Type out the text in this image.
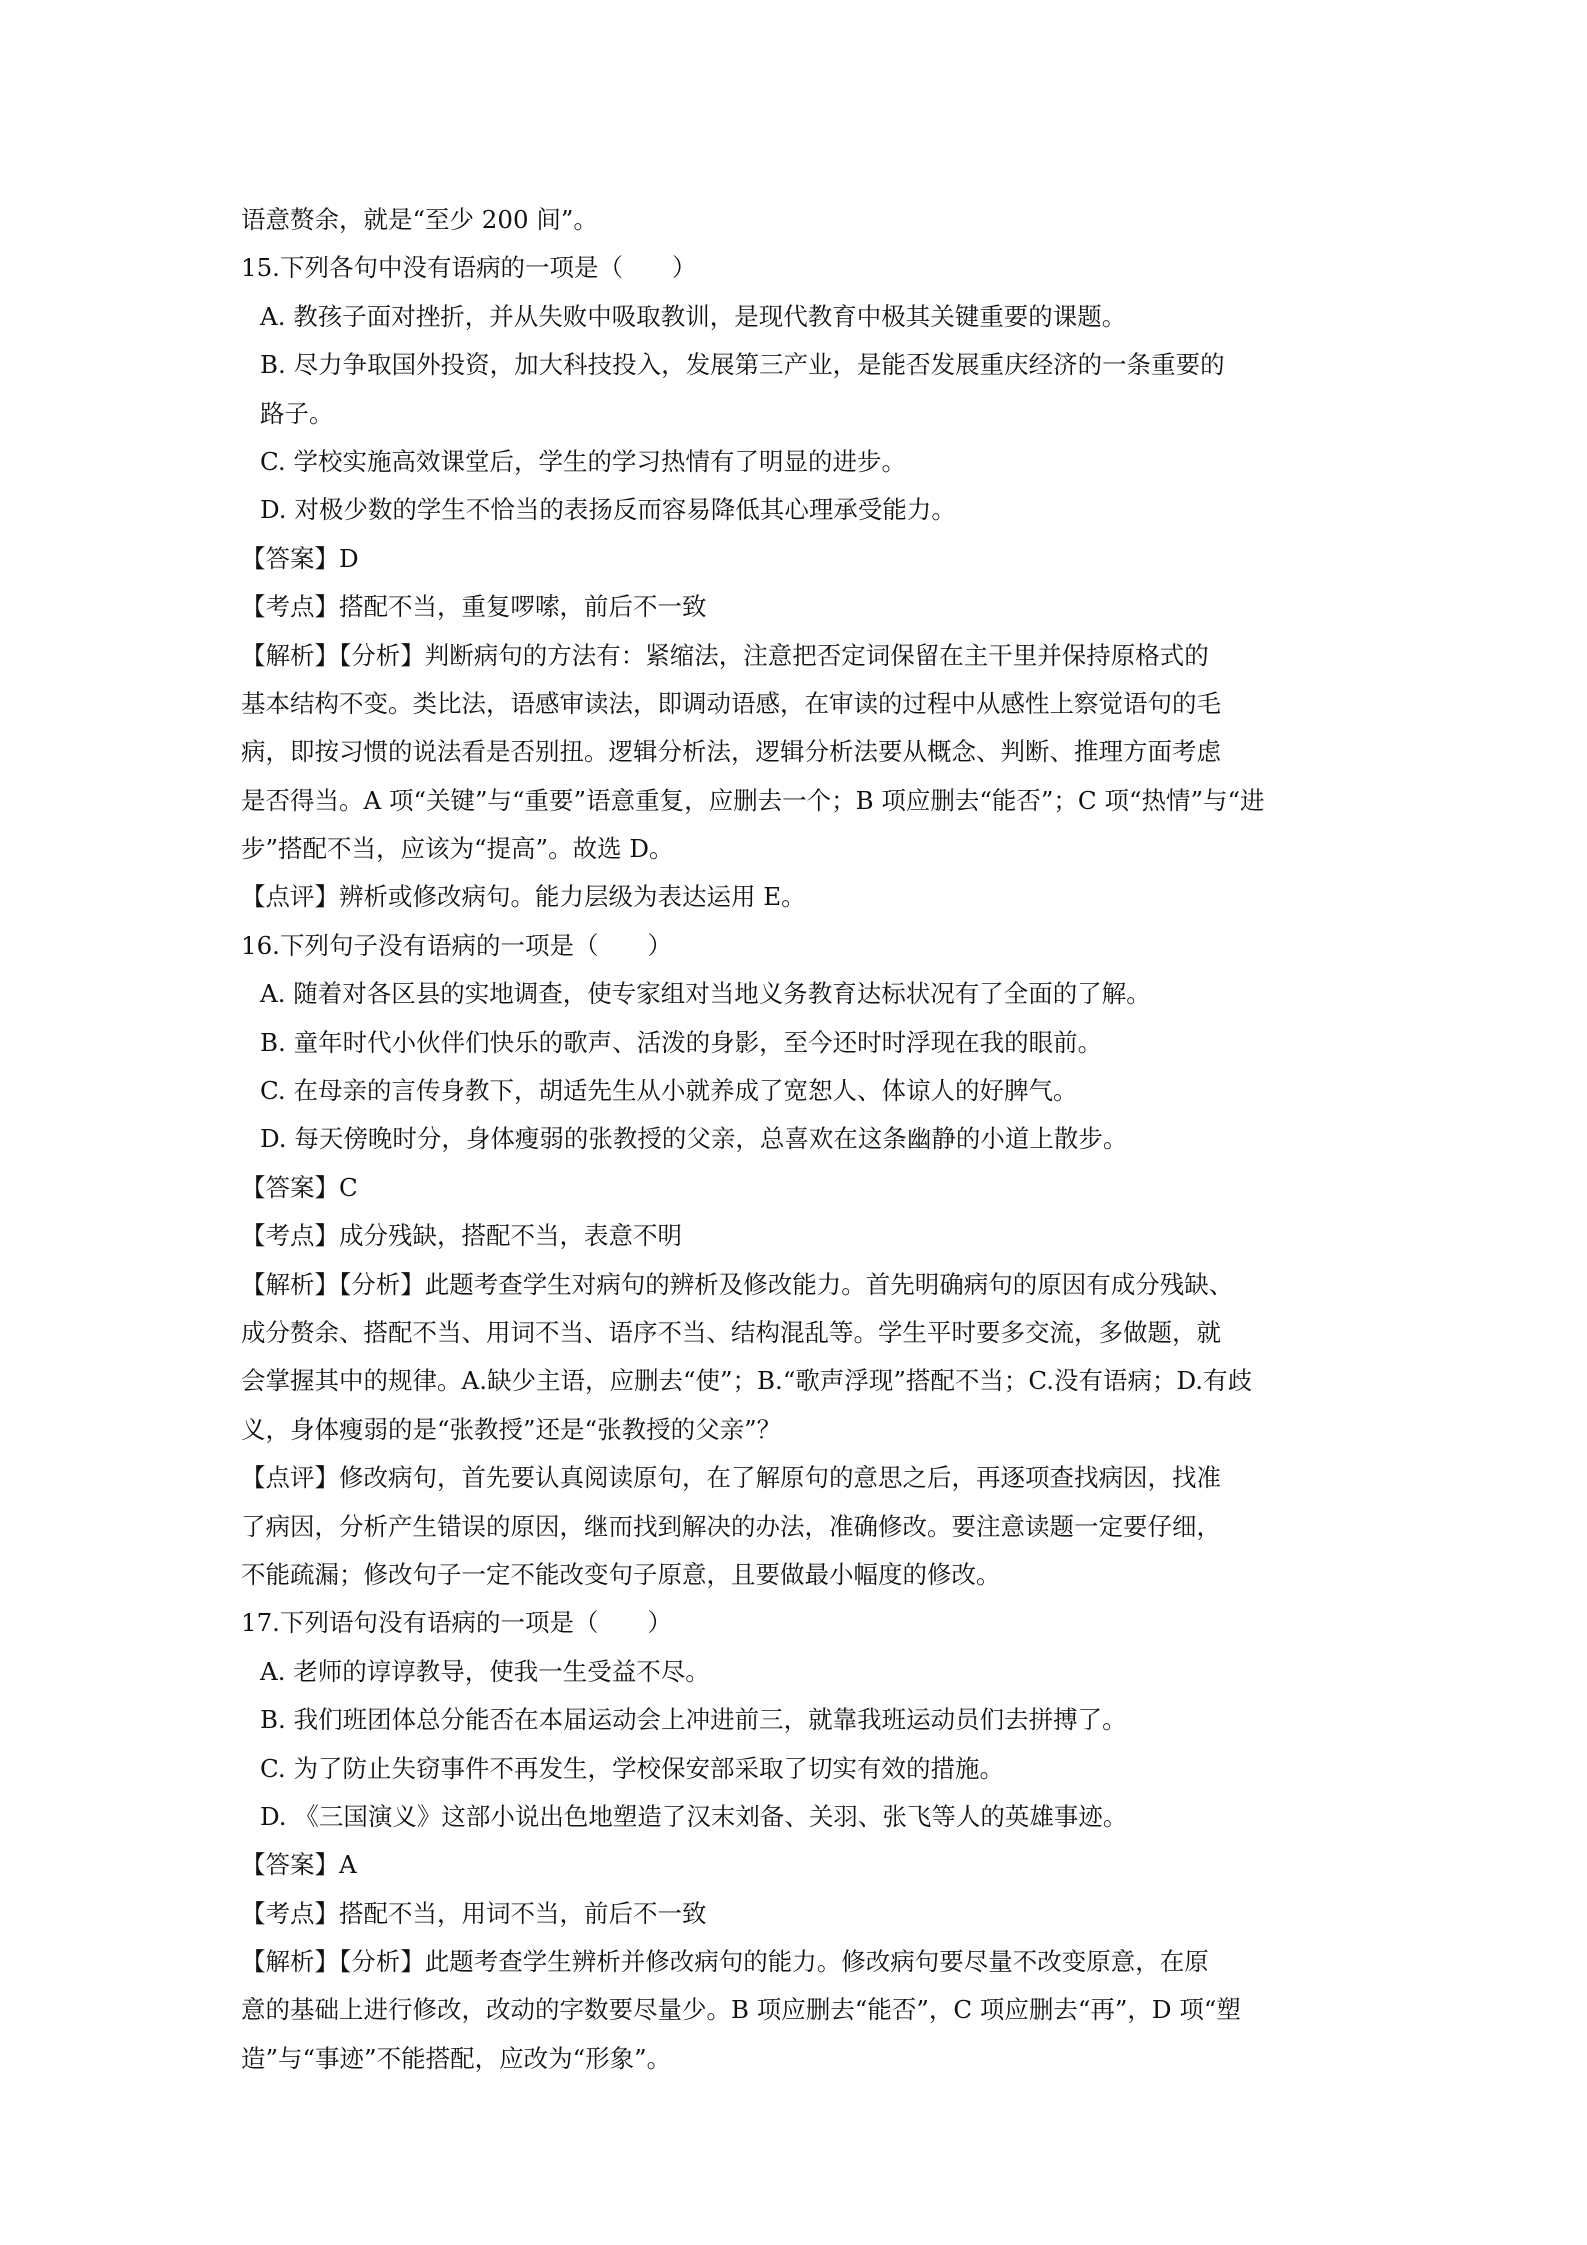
语意赘余，就是“至少 200 间”。
15.下列各句中没有语病的一项是（　　）
A. 教孩子面对挫折，并从失败中吸取教训，是现代教育中极其关键重要的课题。
B. 尽力争取国外投资，加大科技投入，发展第三产业，是能否发展重庆经济的一条重要的
路子。
C. 学校实施高效课堂后，学生的学习热情有了明显的进步。
D. 对极少数的学生不恰当的表扬反而容易降低其心理承受能力。
【答案】D
【考点】搭配不当，重复啰嗦，前后不一致
【解析】【分析】判断病句的方法有：紧缩法，注意把否定词保留在主干里并保持原格式的
基本结构不变。类比法，语感审读法，即调动语感，在审读的过程中从感性上察觉语句的毛
病，即按习惯的说法看是否别扭。逻辑分析法，逻辑分析法要从概念、判断、推理方面考虑
是否得当。A 项“关键”与“重要”语意重复，应删去一个；B 项应删去“能否”；C 项“热情”与“进
步”搭配不当，应该为“提高”。故选 D。
【点评】辨析或修改病句。能力层级为表达运用 E。
16.下列句子没有语病的一项是（　　）
A. 随着对各区县的实地调查，使专家组对当地义务教育达标状况有了全面的了解。
B. 童年时代小伙伴们快乐的歌声、活泼的身影，至今还时时浮现在我的眼前。
C. 在母亲的言传身教下，胡适先生从小就养成了宽恕人、体谅人的好脾气。
D. 每天傍晚时分，身体瘦弱的张教授的父亲，总喜欢在这条幽静的小道上散步。
【答案】C
【考点】成分残缺，搭配不当，表意不明
【解析】【分析】此题考查学生对病句的辨析及修改能力。首先明确病句的原因有成分残缺、
成分赘余、搭配不当、用词不当、语序不当、结构混乱等。学生平时要多交流，多做题，就
会掌握其中的规律。A.缺少主语，应删去“使”；B.“歌声浮现”搭配不当；C.没有语病；D.有歧
义，身体瘦弱的是“张教授”还是“张教授的父亲”？
【点评】修改病句，首先要认真阅读原句，在了解原句的意思之后，再逐项查找病因，找准
了病因，分析产生错误的原因，继而找到解决的办法，准确修改。要注意读题一定要仔细，
不能疏漏；修改句子一定不能改变句子原意，且要做最小幅度的修改。
17.下列语句没有语病的一项是（　　）
A. 老师的谆谆教导，使我一生受益不尽。
B. 我们班团体总分能否在本届运动会上冲进前三，就靠我班运动员们去拼搏了。
C. 为了防止失窃事件不再发生，学校保安部采取了切实有效的措施。
D. 《三国演义》这部小说出色地塑造了汉末刘备、关羽、张飞等人的英雄事迹。
【答案】A
【考点】搭配不当，用词不当，前后不一致
【解析】【分析】此题考查学生辨析并修改病句的能力。修改病句要尽量不改变原意，在原
意的基础上进行修改，改动的字数要尽量少。B 项应删去“能否”，C 项应删去“再”，D 项“塑
造”与“事迹”不能搭配，应改为“形象”。
